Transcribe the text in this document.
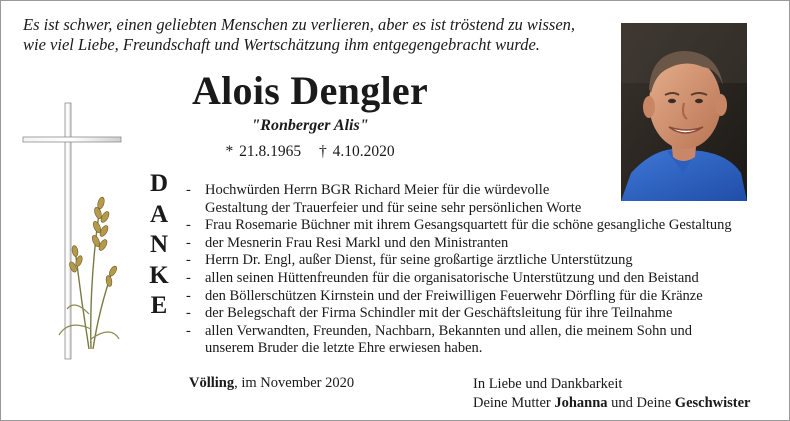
Es ist schwer, einen geliebten Menschen zu verlieren, aber es ist tröstend zu wissen,
wie viel Liebe, Freundschaft und Wertschätzung ihm entgegengebracht wurde.
Alois Dengler
"Ronberger Alis"
* 21.8.1965 † 4.10.2020
D
A
N
K
E
- Hochwürden Herrn BGR Richard Meier für die würdevolle
Gestaltung der Trauerfeier und für seine sehr persönlichen Worte
- Frau Rosemarie Büchner mit ihrem Gesangsquartett für die schöne gesangliche Gestaltung
- der Mesnerin Frau Resi Markl und den Ministranten
- Herrn Dr. Engl, außer Dienst, für seine großartige ärztliche Unterstützung
- allen seinen Hüttenfreunden für die organisatorische Unterstützung und den Beistand
- den Böllerschützen Kirnstein und der Freiwilligen Feuerwehr Dörfling für die Kränze
- der Belegschaft der Firma Schindler mit der Geschäftsleitung für ihre Teilnahme
- allen Verwandten, Freunden, Nachbarn, Bekannten und allen, die meinem Sohn und
unserem Bruder die letzte Ehre erwiesen haben.
Völling, im November 2020	In Liebe und Dankbarkeit
Deine Mutter Johanna und Deine Geschwister
